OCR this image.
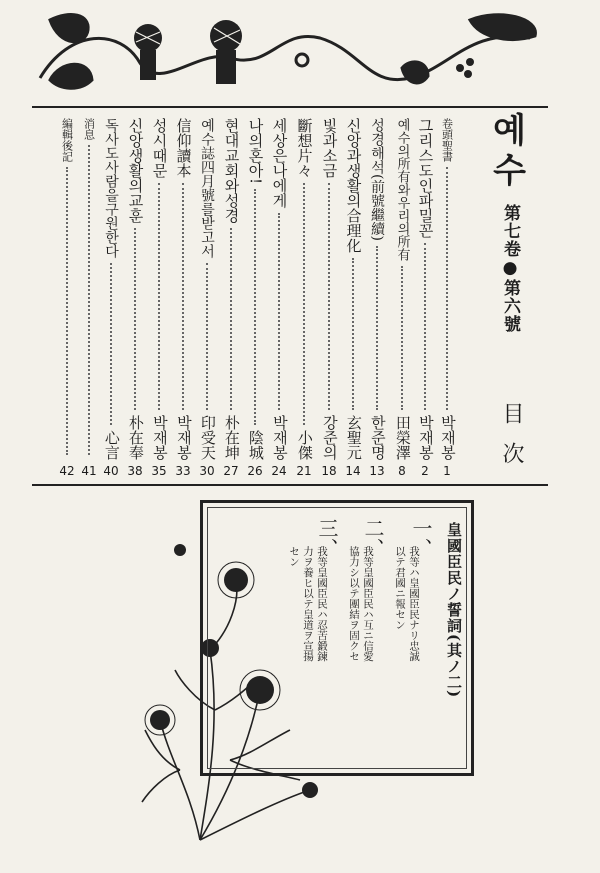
예수
第七卷●第六號
目次
卷頭聖書
박재봉
1
그리스도인파밀꼰
박재봉
2
예수의所有와우리의所有
田榮澤
8
성경해석(前號繼續)
한준명
13
신앙과생활의合理化
玄聖元
14
빛과소금
강준의
18
斷想片々
小傑
21
세상은나에게
박재봉
24
나의혼아!
陰城
26
현대교회와성경
朴在坤
27
예수誌四月號를받고서
印受天
30
信仰讀本
박재봉
33
성시때문
박재봉
35
신앙생활의교훈
朴在奉
38
독사도사람을구원한다
心言
40
消息
41
編輯後記
42
皇國臣民ノ誓詞(其ノ二)
一、
我等ハ皇國臣民ナリ忠誠
以テ君國ニ報セン
二、
我等皇國臣民ハ互ニ信愛
協力シ以テ團結ヲ固クセ
三、
我等皇國臣民ハ忍苦鍛鍊
力ヲ養ヒ以テ皇道ヲ宣揚
セン
